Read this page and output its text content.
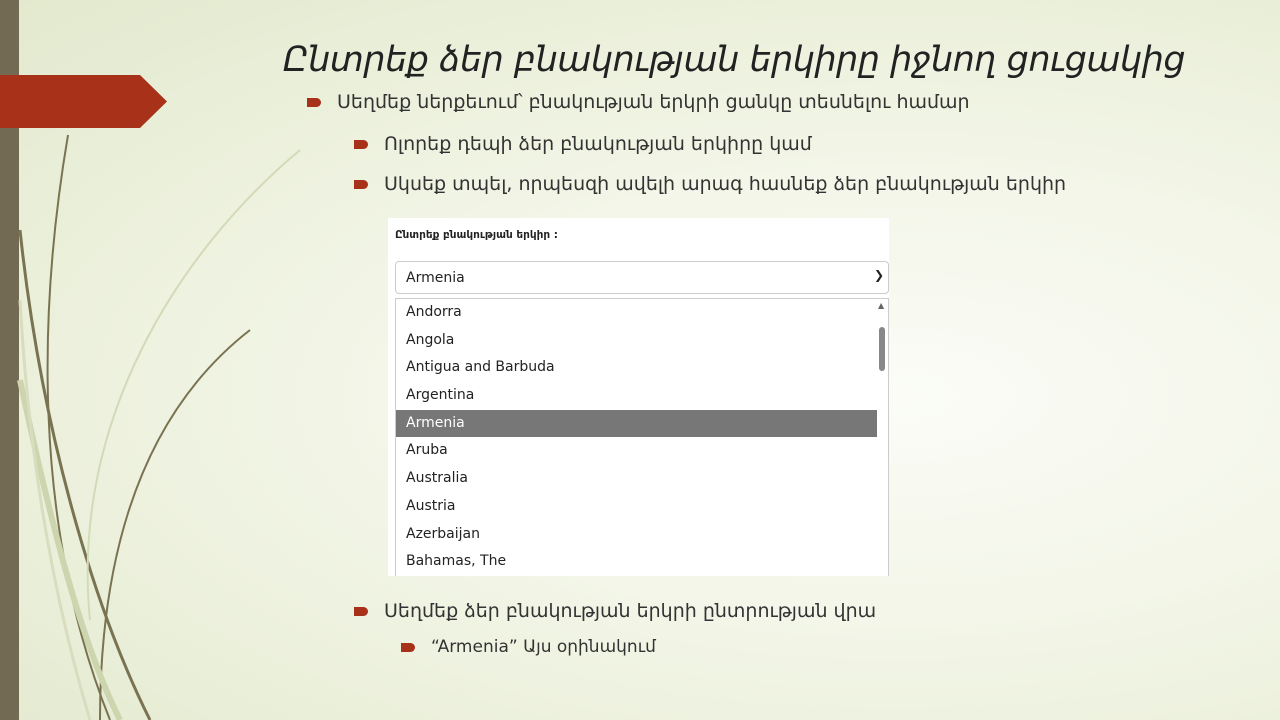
Ընտրեք ձեր բնակության երկիրը իջնող ցուցակից
Սեղմեք ներքեւում՝ բնակության երկրի ցանկը տեսնելու համար
Ոլորեք դեպի ձեր բնակության երկիրը կամ
Սկսեք տպել, որպեսզի ավելի արագ հասնեք ձեր բնակության երկիր
Սեղմեք ձեր բնակության երկրի ընտրության վրա
“Armenia” Այս օրինակում
Ընտրեք բնակության երկիր :
Armenia	❯
Andorra
Angola
Antigua and Barbuda
Argentina
Armenia
Aruba
Australia
Austria
Azerbaijan
Bahamas, The
▲
